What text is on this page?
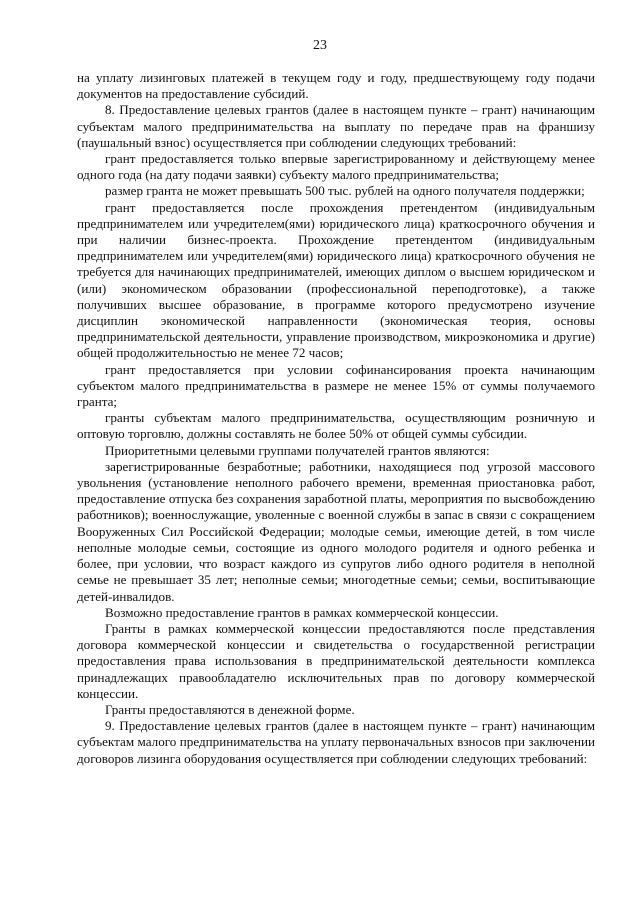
23

на уплату лизинговых платежей в текущем году и году, предшествующему году подачи документов на предоставление субсидий.

8. Предоставление целевых грантов (далее в настоящем пункте – грант) начинающим субъектам малого предпринимательства на выплату по передаче прав на франшизу (паушальный взнос) осуществляется при соблюдении следующих требований:

грант предоставляется только впервые зарегистрированному и действующему менее одного года (на дату подачи заявки) субъекту малого предпринимательства;

размер гранта не может превышать 500 тыс. рублей на одного получателя поддержки;

грант предоставляется после прохождения претендентом (индивидуальным предпринимателем или учредителем(ями) юридического лица) краткосрочного обучения и при наличии бизнес-проекта. Прохождение претендентом (индивидуальным предпринимателем или учредителем(ями) юридического лица) краткосрочного обучения не требуется для начинающих предпринимателей, имеющих диплом о высшем юридическом и (или) экономическом образовании (профессиональной переподготовке), а также получивших высшее образование, в программе которого предусмотрено изучение дисциплин экономической направленности (экономическая теория, основы предпринимательской деятельности, управление производством, микроэкономика и другие) общей продолжительностью не менее 72 часов;

грант предоставляется при условии софинансирования проекта начинающим субъектом малого предпринимательства в размере не менее 15% от суммы получаемого гранта;

гранты субъектам малого предпринимательства, осуществляющим розничную и оптовую торговлю, должны составлять не более 50% от общей суммы субсидии.

Приоритетными целевыми группами получателей грантов являются:

зарегистрированные безработные; работники, находящиеся под угрозой массового увольнения (установление неполного рабочего времени, временная приостановка работ, предоставление отпуска без сохранения заработной платы, мероприятия по высвобождению работников); военнослужащие, уволенные с военной службы в запас в связи с сокращением Вооруженных Сил Российской Федерации; молодые семьи, имеющие детей, в том числе неполные молодые семьи, состоящие из одного молодого родителя и одного ребенка и более, при условии, что возраст каждого из супругов либо одного родителя в неполной семье не превышает 35 лет; неполные семьи; многодетные семьи; семьи, воспитывающие детей-инвалидов.

Возможно предоставление грантов в рамках коммерческой концессии.

Гранты в рамках коммерческой концессии предоставляются после представления договора коммерческой концессии и свидетельства о государственной регистрации предоставления права использования в предпринимательской деятельности комплекса принадлежащих правообладателю исключительных прав по договору коммерческой концессии.

Гранты предоставляются в денежной форме.

9. Предоставление целевых грантов (далее в настоящем пункте – грант) начинающим субъектам малого предпринимательства на уплату первоначальных взносов при заключении договоров лизинга оборудования осуществляется при соблюдении следующих требований:
